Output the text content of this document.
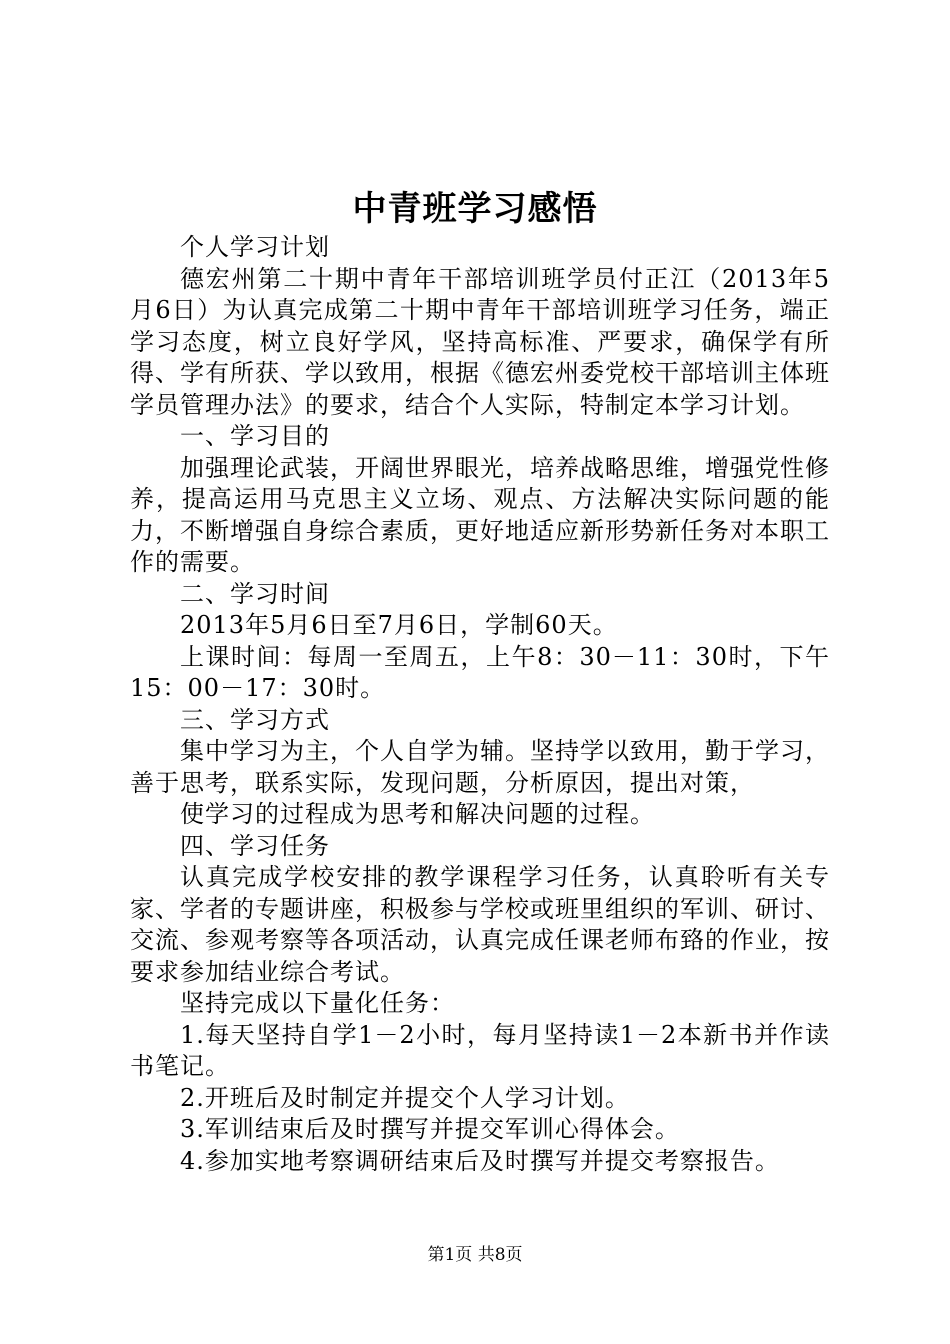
中青班学习感悟

个人学习计划

德宏州第二十期中青年干部培训班学员付正江（2013年5月6日）为认真完成第二十期中青年干部培训班学习任务，端正学习态度，树立良好学风，坚持高标准、严要求，确保学有所得、学有所获、学以致用，根据《德宏州委党校干部培训主体班学员管理办法》的要求，结合个人实际，特制定本学习计划。

一、学习目的

加强理论武装，开阔世界眼光，培养战略思维，增强党性修养，提高运用马克思主义立场、观点、方法解决实际问题的能力，不断增强自身综合素质，更好地适应新形势新任务对本职工作的需要。

二、学习时间

2013年5月6日至7月6日，学制60天。

上课时间：每周一至周五，上午8：30－11：30时，下午15：00－17：30时。

三、学习方式

集中学习为主，个人自学为辅。坚持学以致用，勤于学习，善于思考，联系实际，发现问题，分析原因，提出对策，

使学习的过程成为思考和解决问题的过程。

四、学习任务

认真完成学校安排的教学课程学习任务，认真聆听有关专家、学者的专题讲座，积极参与学校或班里组织的军训、研讨、交流、参观考察等各项活动，认真完成任课老师布臵的作业，按要求参加结业综合考试。

坚持完成以下量化任务：

1.每天坚持自学1－2小时，每月坚持读1－2本新书并作读书笔记。

2.开班后及时制定并提交个人学习计划。

3.军训结束后及时撰写并提交军训心得体会。

4.参加实地考察调研结束后及时撰写并提交考察报告。

第1页 共8页
